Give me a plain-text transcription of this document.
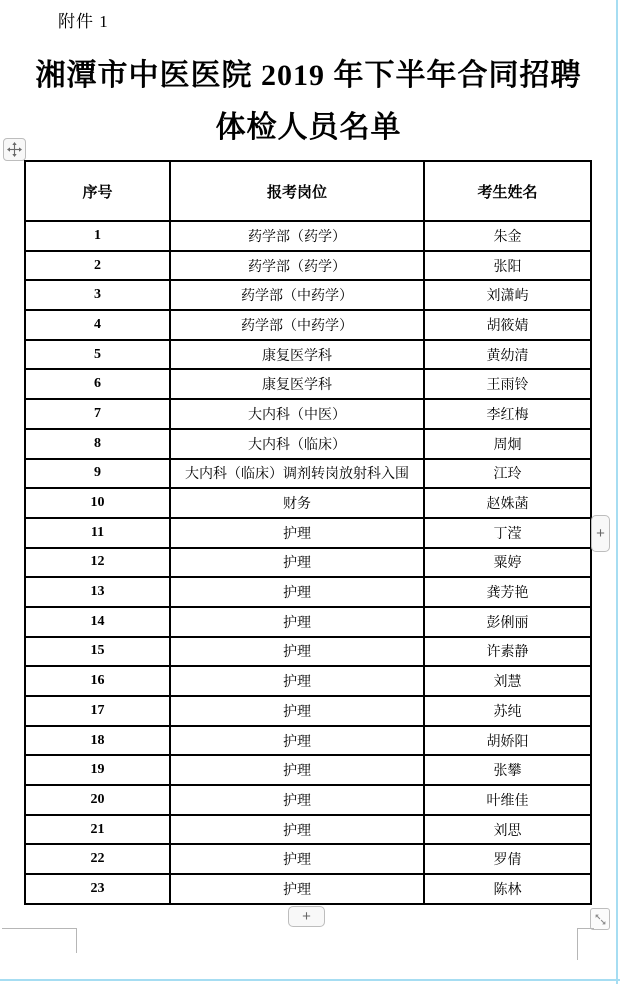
附件 1
湘潭市中医医院 2019 年下半年合同招聘
体检人员名单
序号	报考岗位	考生姓名
1	药学部（药学）	朱金
2	药学部（药学）	张阳
3	药学部（中药学）	刘潇屿
4	药学部（中药学）	胡筱婧
5	康复医学科	黄幼清
6	康复医学科	王雨铃
7	大内科（中医）	李红梅
8	大内科（临床）	周炯
9	大内科（临床）调剂转岗放射科入围	江玲
10	财务	赵姝菡
11	护理	丁滢
12	护理	粟婷
13	护理	龚芳艳
14	护理	彭俐丽
15	护理	许素静
16	护理	刘慧
17	护理	苏纯
18	护理	胡娇阳
19	护理	张攀
20	护理	叶维佳
21	护理	刘思
22	护理	罗倩
23	护理	陈林
+
+
